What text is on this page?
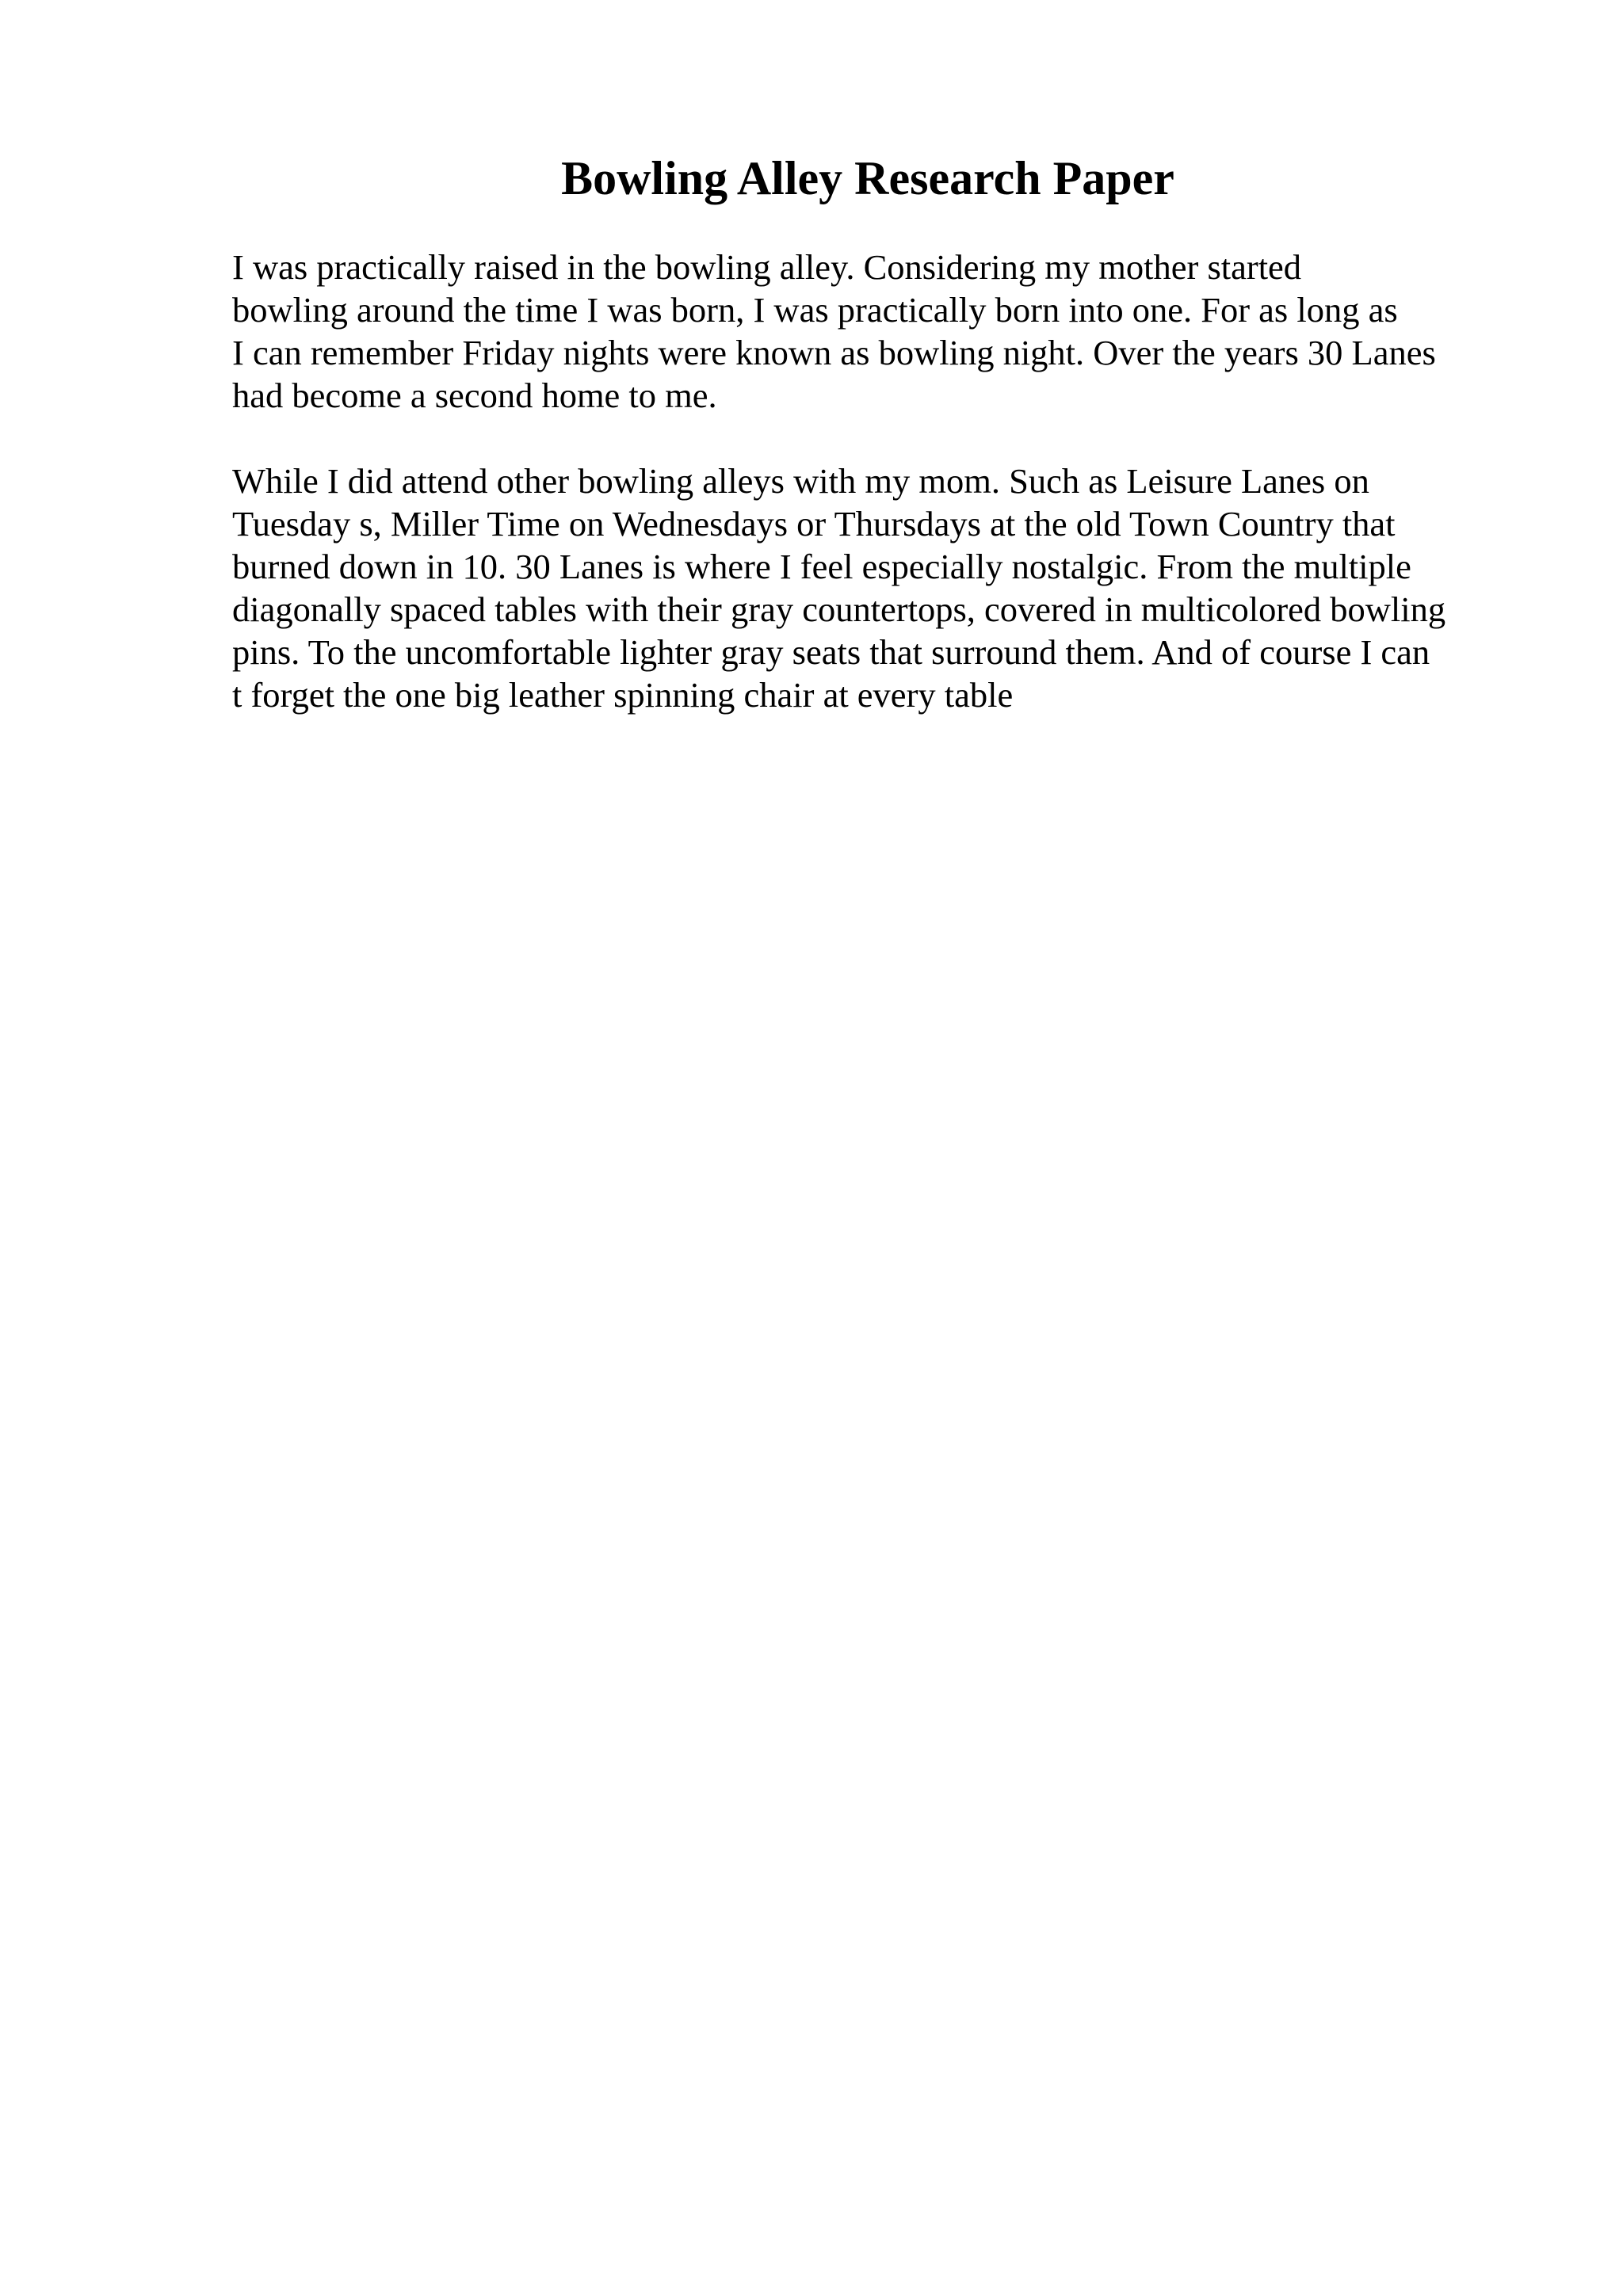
Bowling Alley Research Paper

I was practically raised in the bowling alley. Considering my mother started
bowling around the time I was born, I was practically born into one. For as long as
I can remember Friday nights were known as bowling night. Over the years 30 Lanes
had become a second home to me.

While I did attend other bowling alleys with my mom. Such as Leisure Lanes on
Tuesday s, Miller Time on Wednesdays or Thursdays at the old Town Country that
burned down in 10. 30 Lanes is where I feel especially nostalgic. From the multiple
diagonally spaced tables with their gray countertops, covered in multicolored bowling
pins. To the uncomfortable lighter gray seats that surround them. And of course I can
t forget the one big leather spinning chair at every table
